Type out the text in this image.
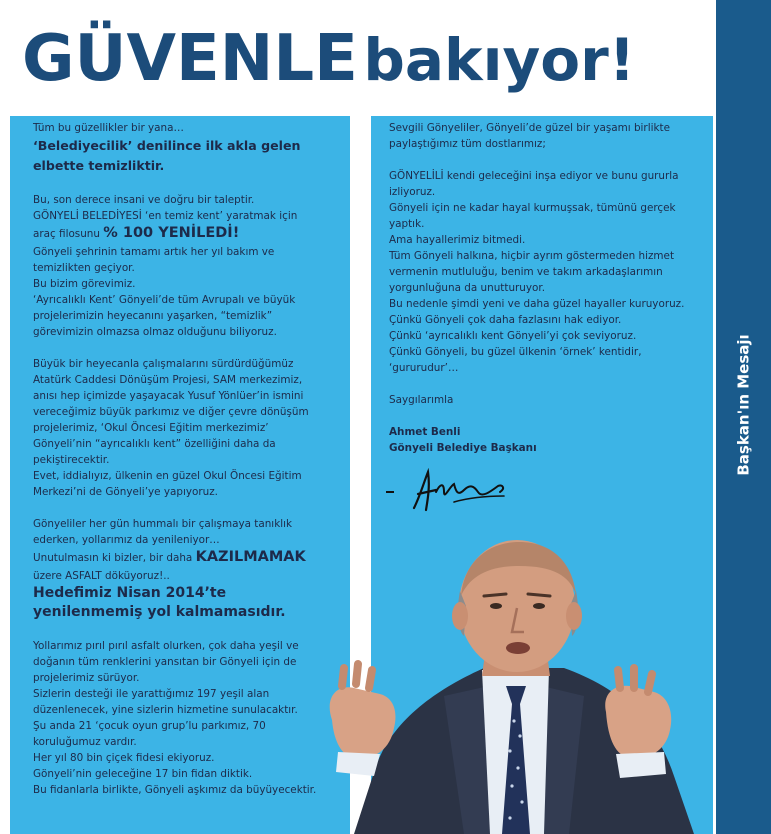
GÜVENLE bakıyor!
Başkan'ın Mesajı
Tüm bu güzellikler bir yana…
‘Belediyecilik’ denilince ilk akla gelen
elbette temizliktir.
Bu, son derece insani ve doğru bir taleptir.
GÖNYELİ BELEDİYESİ ‘en temiz kent’ yaratmak için
araç filosunu % 100 YENİLEDİ!
Gönyeli şehrinin tamamı artık her yıl bakım ve
temizlikten geçiyor.
Bu bizim görevimiz.
‘Ayrıcalıklı Kent’ Gönyeli’de tüm Avrupalı ve büyük
projelerimizin heyecanını yaşarken, “temizlik”
görevimizin olmazsa olmaz olduğunu biliyoruz.
Büyük bir heyecanla çalışmalarını sürdürdüğümüz
Atatürk Caddesi Dönüşüm Projesi, SAM merkezimiz,
anısı hep içimizde yaşayacak Yusuf Yönlüer’in ismini
vereceğimiz büyük parkımız ve diğer çevre dönüşüm
projelerimiz, ‘Okul Öncesi Eğitim merkezimiz’
Gönyeli’nin “ayrıcalıklı kent” özelliğini daha da
pekiştirecektir.
Evet, iddialıyız, ülkenin en güzel Okul Öncesi Eğitim
Merkezi’ni de Gönyeli’ye yapıyoruz.
Gönyeliler her gün hummalı bir çalışmaya tanıklık
ederken, yollarımız da yenileniyor…
Unutulmasın ki bizler, bir daha KAZILMAMAK
üzere ASFALT döküyoruz!..
Hedefimiz Nisan 2014’te
yenilenmemiş yol kalmamasıdır.
Yollarımız pırıl pırıl asfalt olurken, çok daha yeşil ve
doğanın tüm renklerini yansıtan bir Gönyeli için de
projelerimiz sürüyor.
Sizlerin desteği ile yarattığımız 197 yeşil alan
düzenlenecek, yine sizlerin hizmetine sunulacaktır.
Şu anda 21 ‘çocuk oyun grup’lu parkımız, 70
koruluğumuz vardır.
Her yıl 80 bin çiçek fidesi ekiyoruz.
Gönyeli’nin geleceğine 17 bin fidan diktik.
Bu fidanlarla birlikte, Gönyeli aşkımız da büyüyecektir.
Sevgili Gönyeliler, Gönyeli’de güzel bir yaşamı birlikte
paylaştığımız tüm dostlarımız;
GÖNYELİLİ kendi geleceğini inşa ediyor ve bunu gururla
izliyoruz.
Gönyeli için ne kadar hayal kurmuşsak, tümünü gerçek
yaptık.
Ama hayallerimiz bitmedi.
Tüm Gönyeli halkına, hiçbir ayrım göstermeden hizmet
vermenin mutluluğu, benim ve takım arkadaşlarımın
yorgunluğuna da unutturuyor.
Bu nedenle şimdi yeni ve daha güzel hayaller kuruyoruz.
Çünkü Gönyeli çok daha fazlasını hak ediyor.
Çünkü ‘ayrıcalıklı kent Gönyeli’yi çok seviyoruz.
Çünkü Gönyeli, bu güzel ülkenin ‘örnek’ kentidir,
‘gururudur’…
Saygılarımla
Ahmet Benli
Gönyeli Belediye Başkanı
